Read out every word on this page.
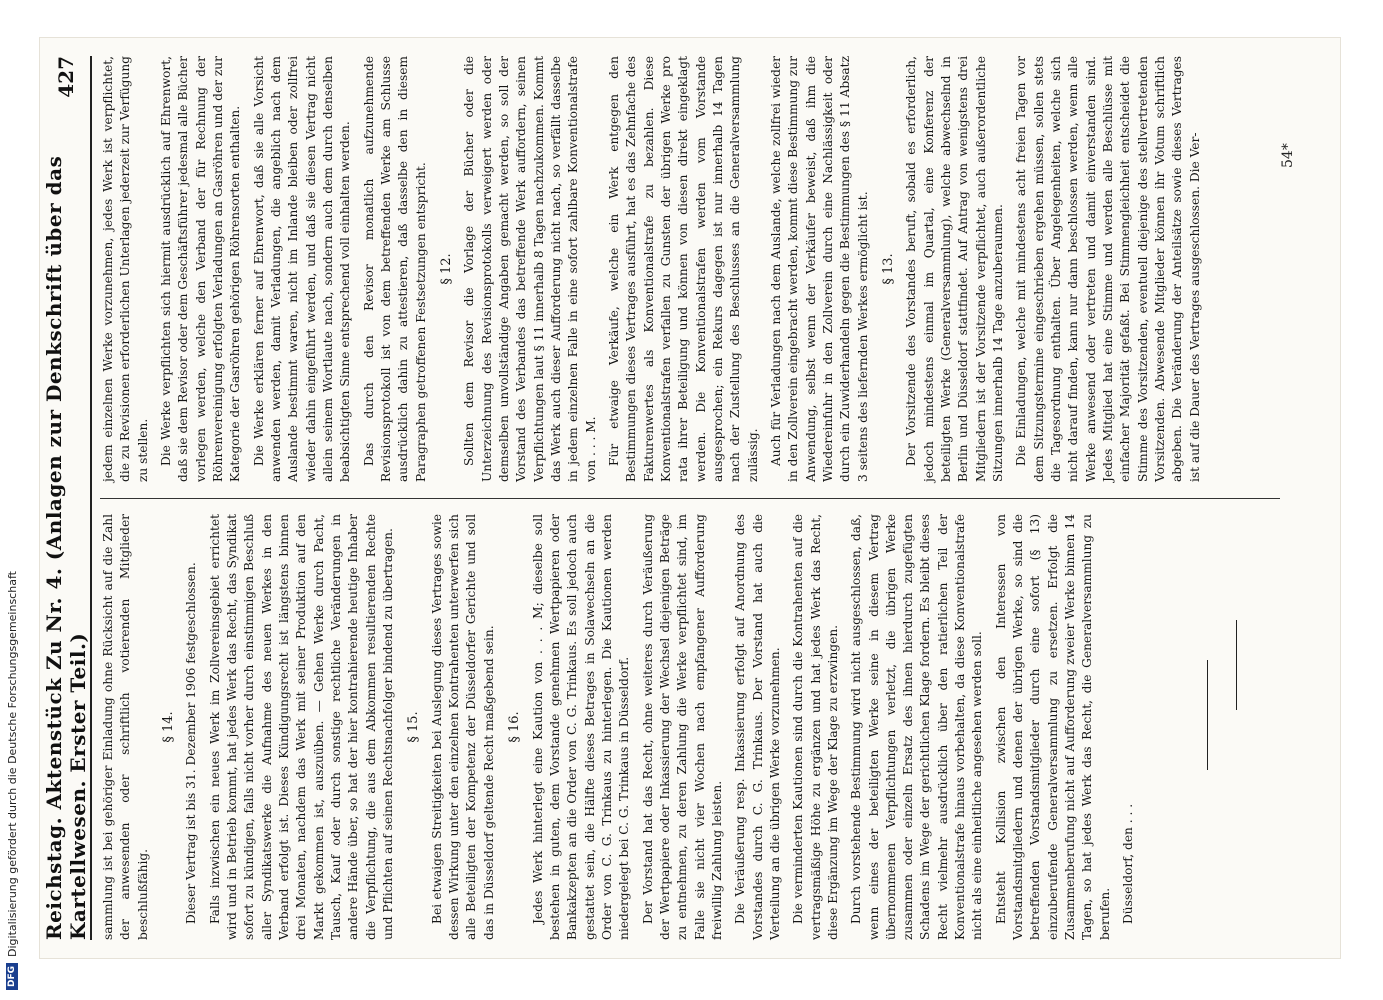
DFG
Digitalisierung gefördert durch die Deutsche Forschungsgemeinschaft Reichstag. Aktenstück Zu Nr. 4. (Anlagen zur Denkschrift über das Kartellwesen. Erster Teil.)
427

sammlung ist bei gehöriger Einladung ohne Rücksicht auf die Zahl der anwesenden oder schriftlich votierenden Mitglieder beschlußfähig.

§ 14. Dieser Vertrag ist bis 31. Dezember 1906 festgeschlossen. Falls inzwischen ein neues Werk im Zollvereinsgebiet errichtet wird und in Betrieb kommt, hat jedes Werk das Recht, das Syndikat sofort zu kündigen, falls nicht vorher durch einstimmigen Beschluß aller Syndikatswerke die Aufnahme des neuen Werkes in den Verband erfolgt ist. Dieses Kündigungsrecht ist längstens binnen drei Monaten, nachdem das Werk mit seiner Produktion auf den Markt gekommen ist, auszuüben. — Gehen Werke durch Pacht, Tausch, Kauf oder durch sonstige rechtliche Veränderungen in andere Hände über, so hat der hier kontrahierende heutige Inhaber die Verpflichtung, die aus dem Abkommen resultierenden Rechte und Pflichten auf seinen Rechtsnachfolger bindend zu übertragen. § 15. Bei etwaigen Streitigkeiten bei Auslegung dieses Vertrages sowie dessen Wirkung unter den einzelnen Kontrahenten unterwerfen sich alle Beteiligten der Kompetenz der Düsseldorfer Gerichte und soll das in Düsseldorf geltende Recht maßgebend sein. § 16. Jedes Werk hinterlegt eine Kaution von . . . M; dieselbe soll bestehen in guten, dem Vorstande genehmen Wertpapieren oder Bankakzepten an die Order von C. G. Trinkaus. Es soll jedoch auch gestattet sein, die Hälfte dieses Betrages in Solawechseln an die Order von C. G. Trinkaus zu hinterlegen. Die Kautionen werden niedergelegt bei C. G. Trinkaus in Düsseldorf. Der Vorstand hat das Recht, ohne weiteres durch Veräußerung der Wertpapiere oder Inkassierung der Wechsel diejenigen Beträge zu entnehmen, zu deren Zahlung die Werke verpflichtet sind, im Falle sie nicht vier Wochen nach empfangener Aufforderung freiwillig Zahlung leisten. Die Veräußerung resp. Inkassierung erfolgt auf Anordnung des Vorstandes durch C. G. Trinkaus. Der Vorstand hat auch die Verteilung an die übrigen Werke vorzunehmen. Die verminderten Kautionen sind durch die Kontrahenten auf die vertragsmäßige Höhe zu ergänzen und hat jedes Werk das Recht, diese Ergänzung im Wege der Klage zu erzwingen. Durch vorstehende Bestimmung wird nicht ausgeschlossen, daß, wenn eines der beteiligten Werke seine in diesem Vertrag übernommenen Verpflichtungen verletzt, die übrigen Werke zusammen oder einzeln Ersatz des ihnen hierdurch zugefügten Schadens im Wege der gerichtlichen Klage fordern. Es bleibt dieses Recht vielmehr ausdrücklich über den ratierlichen Teil der Konventionalstrafe hinaus vorbehalten, da diese Konventionalstrafe nicht als eine einheitliche angesehen werden soll. Entsteht Kollision zwischen den Interessen von Vorstandsmitgliedern und denen der übrigen Werke, so sind die betreffenden Vorstandsmitglieder durch eine sofort (§ 13) einzuberufende Generalversammlung zu ersetzen. Erfolgt die Zusammenberufung nicht auf Aufforderung zweier Werke binnen 14 Tagen, so hat jedes Werk das Recht, die Generalversammlung zu berufen. Düsseldorf, den . . .

jedem einzelnen Werke vorzunehmen, jedes Werk ist verpflichtet, die zu Revisionen erforderlichen Unterlagen jederzeit zur Verfügung zu stellen. Die Werke verpflichten sich hiermit ausdrücklich auf Ehrenwort, daß sie dem Revisor oder dem Geschäftsführer jedesmal alle Bücher vorlegen werden, welche den Verband der für Rechnung der Röhrenvereinigung erfolgten Verladungen an Gasröhren und der zur Kategorie der Gasröhren gehörigen Röhrensorten enthalten. Die Werke erklären ferner auf Ehrenwort, daß sie alle Vorsicht anwenden werden, damit Verladungen, die angeblich nach dem Auslande bestimmt waren, nicht im Inlande bleiben oder zollfrei wieder dahin eingeführt werden, und daß sie diesen Vertrag nicht allein seinem Wortlaute nach, sondern auch dem durch denselben beabsichtigten Sinne entsprechend voll einhalten werden. Das durch den Revisor monatlich aufzunehmende Revisionsprotokoll ist von dem betreffenden Werke am Schlusse ausdrücklich dahin zu attestieren, daß dasselbe den in diesem Paragraphen getroffenen Festsetzungen entspricht. § 12. Sollten dem Revisor die Vorlage der Bücher oder die Unterzeichnung des Revisionsprotokolls verweigert werden oder demselben unvollständige Angaben gemacht werden, so soll der Vorstand des Verbandes das betreffende Werk auffordern, seinen Verpflichtungen laut § 11 innerhalb 8 Tagen nachzukommen. Kommt das Werk auch dieser Aufforderung nicht nach, so verfällt dasselbe in jedem einzelnen Falle in eine sofort zahlbare Konventionalstrafe von . . . M. Für etwaige Verkäufe, welche ein Werk entgegen den Bestimmungen dieses Vertrages ausführt, hat es das Zehnfache des Fakturenwertes als Konventionalstrafe zu bezahlen. Diese Konventionalstrafen verfallen zu Gunsten der übrigen Werke pro rata ihrer Beteiligung und können von diesen direkt eingeklagt werden. Die Konventionalstrafen werden vom Vorstande ausgesprochen; ein Rekurs dagegen ist nur innerhalb 14 Tagen nach der Zustellung des Beschlusses an die Generalversammlung zulässig. Auch für Verladungen nach dem Auslande, welche zollfrei wieder in den Zollverein eingebracht werden, kommt diese Bestimmung zur Anwendung, selbst wenn der Verkäufer beweist, daß ihm die Wiedereinfuhr in den Zollverein durch eine Nachlässigkeit oder durch ein Zuwiderhandeln gegen die Bestimmungen des § 11 Absatz 3 seitens des liefernden Werkes ermöglicht ist. § 13. Der Vorsitzende des Vorstandes beruft, sobald es erforderlich, jedoch mindestens einmal im Quartal, eine Konferenz der beteiligten Werke (Generalversammlung), welche abwechselnd in Berlin und Düsseldorf stattfindet. Auf Antrag von wenigstens drei Mitgliedern ist der Vorsitzende verpflichtet, auch außerordentliche Sitzungen innerhalb 14 Tage anzuberaumen. Die Einladungen, welche mit mindestens acht freien Tagen vor dem Sitzungstermine eingeschrieben ergehen müssen, sollen stets die Tagesordnung enthalten. Über Angelegenheiten, welche sich nicht darauf finden, kann nur dann beschlossen werden, wenn alle Werke anwesend oder vertreten und damit einverstanden sind. Jedes Mitglied hat eine Stimme und werden alle Beschlüsse mit einfacher Majorität gefaßt. Bei Stimmengleichheit entscheidet die Stimme des Vorsitzenden, eventuell diejenige des stellvertretenden Vorsitzenden. Abwesende Mitglieder können ihr Votum schriftlich abgeben. Die Veränderung der Anteilsätze sowie dieses Vertrages ist auf die Dauer des Vertrages ausgeschlossen. Die Ver-	54*
